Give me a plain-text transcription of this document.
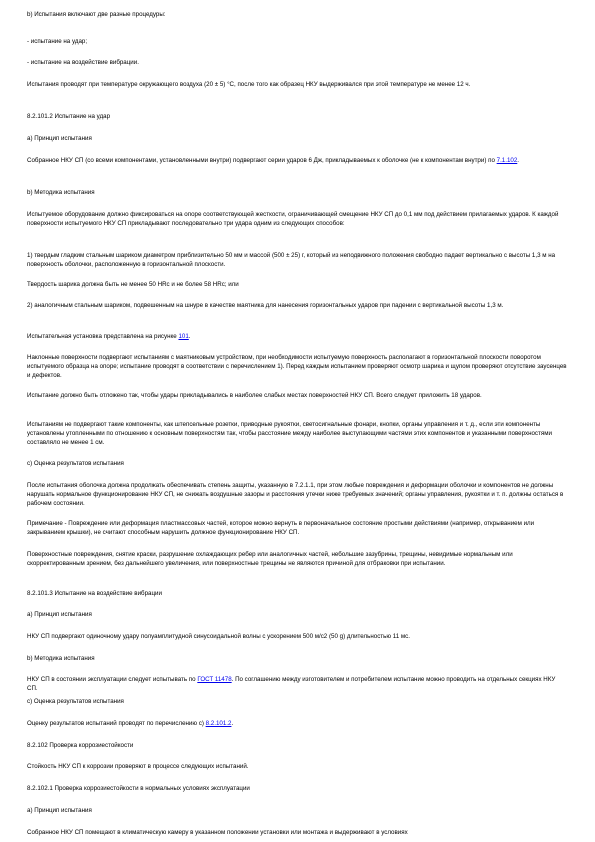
b) Испытания включают две разные процедуры:

- испытание на удар;

- испытание на воздействие вибрации.

Испытания проводят при температуре окружающего воздуха (20 ± 5) °С, после того как образец НКУ выдерживался при этой температуре не менее 12 ч.

8.2.101.2 Испытание на удар

a) Принцип испытания

Собранное НКУ СП (со всеми компонентами, установленными внутри) подвергают серии ударов 6 Дж, прикладываемых к оболочке (не к компонентам внутри) по 7.1.102.

b) Методика испытания

Испытуемое оборудование должно фиксироваться на опоре соответствующей жесткости, ограничивающей смещение НКУ СП до 0,1 мм под действием прилагаемых ударов. К каждой поверхности испытуемого НКУ СП прикладывают последовательно три удара одним из следующих способов:

1) твердым гладким стальным шариком диаметром приблизительно 50 мм и массой (500 ± 25) г, который из неподвижного положения свободно падает вертикально с высоты 1,3 м на поверхность оболочки, расположенную в горизонтальной плоскости.

Твердость шарика должна быть не менее 50 HRc и не более 58 HRc; или

2) аналогичным стальным шариком, подвешенным на шнуре в качестве маятника для нанесения горизонтальных ударов при падении с вертикальной высоты 1,3 м.

Испытательная установка представлена на рисунке 101.

Наклонные поверхности подвергают испытаниям с маятниковым устройством, при необходимости испытуемую поверхность располагают в горизонтальной плоскости поворотом испытуемого образца на опоре; испытание проводят в соответствии с перечислением 1). Перед каждым испытанием проверяют осмотр шарика и щупом проверяют отсутствие заусенцев и дефектов.

Испытание должно быть отложено так, чтобы удары прикладывались в наиболее слабых местах поверхностей НКУ СП. Всего следует приложить 18 ударов.

Испытаниям не подвергают такие компоненты, как штепсельные розетки, приводные рукоятки, светосигнальные фонари, кнопки, органы управления и т. д., если эти компоненты установлены утопленными по отношению к основным поверхностям так, чтобы расстояние между наиболее выступающими частями этих компонентов и указанными поверхностями составляло не менее 1 см.

c) Оценка результатов испытания

После испытания оболочка должна продолжать обеспечивать степень защиты, указанную в 7.2.1.1, при этом любые повреждения и деформации оболочки и компонентов не должны нарушать нормальное функционирование НКУ СП, не снижать воздушные зазоры и расстояния утечки ниже требуемых значений; органы управления, рукоятки и т. п. должны остаться в рабочем состоянии.

Примечание - Повреждение или деформация пластмассовых частей, которое можно вернуть в первоначальное состояние простыми действиями (например, открыванием или закрыванием крышки), не считают способным нарушить должное функционирование НКУ СП.

Поверхностные повреждения, снятие краски, разрушение охлаждающих ребер или аналогичных частей, небольшие зазубрины, трещины, невидимые нормальным или скорректированным зрением, без дальнейшего увеличения, или поверхностные трещины не являются причиной для отбраковки при испытании.

8.2.101.3 Испытание на воздействие вибрации

a) Принцип испытания

НКУ СП подвергают одиночному удару полуамплитудной синусоидальной волны с ускорением 500 м/с2 (50 g) длительностью 11 мс.

b) Методика испытания

НКУ СП в состоянии эксплуатации следует испытывать по ГОСТ 11478. По соглашению между изготовителем и потребителем испытание можно проводить на отдельных секциях НКУ СП.

c) Оценка результатов испытания

Оценку результатов испытаний проводят по перечислению c) 8.2.101.2.

8.2.102 Проверка коррозиестойкости

Стойкость НКУ СП к коррозии проверяют в процессе следующих испытаний.

8.2.102.1 Проверка коррозиестойкости в нормальных условиях эксплуатации

a) Принцип испытания

Собранное НКУ СП помещают в климатическую камеру в указанном положении установки или монтажа и выдерживают в условиях
